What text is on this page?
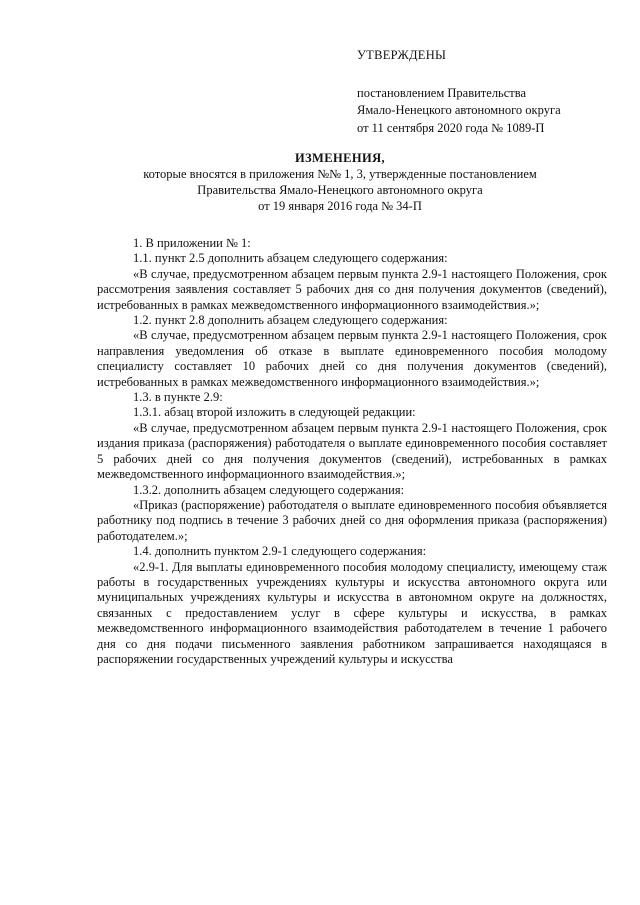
УТВЕРЖДЕНЫ

постановлением Правительства

Ямало-Ненецкого автономного округа

от 11 сентября 2020 года № 1089-П

ИЗМЕНЕНИЯ,

которые вносятся в приложения №№ 1, 3, утвержденные постановлением

Правительства Ямало-Ненецкого автономного округа

от 19 января 2016 года № 34-П

1. В приложении № 1:

1.1. пункт 2.5 дополнить абзацем следующего содержания:

«В случае, предусмотренном абзацем первым пункта 2.9-1 настоящего Положения, срок рассмотрения заявления составляет 5 рабочих дня со дня получения документов (сведений), истребованных в рамках межведомственного информационного взаимодействия.»;

1.2. пункт 2.8 дополнить абзацем следующего содержания:

«В случае, предусмотренном абзацем первым пункта 2.9-1 настоящего Положения, срок направления уведомления об отказе в выплате единовременного пособия молодому специалисту составляет 10 рабочих дней со дня получения документов (сведений), истребованных в рамках межведомственного информационного взаимодействия.»;

1.3. в пункте 2.9:

1.3.1. абзац второй изложить в следующей редакции:

«В случае, предусмотренном абзацем первым пункта 2.9-1 настоящего Положения, срок издания приказа (распоряжения) работодателя о выплате единовременного пособия составляет 5 рабочих дней со дня получения документов (сведений), истребованных в рамках межведомственного информационного взаимодействия.»;

1.3.2. дополнить абзацем следующего содержания:

«Приказ (распоряжение) работодателя о выплате единовременного пособия объявляется работнику под подпись в течение 3 рабочих дней со дня оформления приказа (распоряжения) работодателем.»;

1.4. дополнить пунктом 2.9-1 следующего содержания:

«2.9-1. Для выплаты единовременного пособия молодому специалисту, имеющему стаж работы в государственных учреждениях культуры и искусства автономного округа или муниципальных учреждениях культуры и искусства в автономном округе на должностях, связанных с предоставлением услуг в сфере культуры и искусства, в рамках межведомственного информационного взаимодействия работодателем в течение 1 рабочего дня со дня подачи письменного заявления работником запрашивается находящаяся в распоряжении государственных учреждений культуры и искусства
